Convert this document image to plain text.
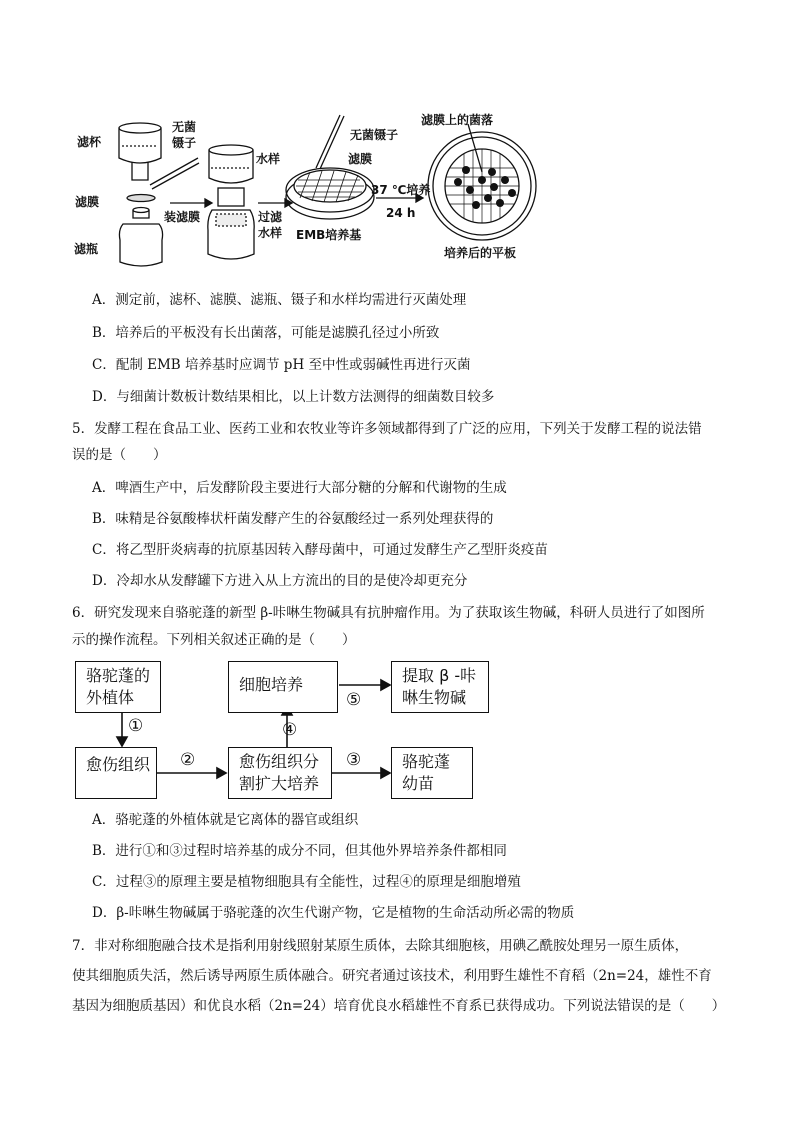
滤杯
无菌
镊子
滤膜
滤瓶
装滤膜
水样
过滤
水样
无菌镊子
滤膜
EMB培养基
37 ℃培养
24 h
滤膜上的菌落
培养后的平板
A．测定前，滤杯、滤膜、滤瓶、镊子和水样均需进行灭菌处理
B．培养后的平板没有长出菌落，可能是滤膜孔径过小所致
C．配制 EMB 培养基时应调节 pH 至中性或弱碱性再进行灭菌
D．与细菌计数板计数结果相比，以上计数方法测得的细菌数目较多
5．发酵工程在食品工业、医药工业和农牧业等许多领域都得到了广泛的应用，下列关于发酵工程的说法错
误的是（　　）
A．啤酒生产中，后发酵阶段主要进行大部分糖的分解和代谢物的生成
B．味精是谷氨酸棒状杆菌发酵产生的谷氨酸经过一系列处理获得的
C．将乙型肝炎病毒的抗原基因转入酵母菌中，可通过发酵生产乙型肝炎疫苗
D．冷却水从发酵罐下方进入从上方流出的目的是使冷却更充分
6．研究发现来自骆驼蓬的新型 β-咔啉生物碱具有抗肿瘤作用。为了获取该生物碱，科研人员进行了如图所
示的操作流程。下列相关叙述正确的是（　　）
骆驼蓬的
外植体
愈伤组织	愈伤组织分
割扩大培养
细胞培养	提取 β -咔
啉生物碱
骆驼蓬
幼苗
①
②	③
④
⑤
A．骆驼蓬的外植体就是它离体的器官或组织
B．进行①和③过程时培养基的成分不同，但其他外界培养条件都相同
C．过程③的原理主要是植物细胞具有全能性，过程④的原理是细胞增殖
D．β-咔啉生物碱属于骆驼蓬的次生代谢产物，它是植物的生命活动所必需的物质
7．非对称细胞融合技术是指利用射线照射某原生质体，去除其细胞核，用碘乙酰胺处理另一原生质体，
使其细胞质失活，然后诱导两原生质体融合。研究者通过该技术，利用野生雄性不育稻（2n=24，雄性不育
基因为细胞质基因）和优良水稻（2n=24）培育优良水稻雄性不育系已获得成功。下列说法错误的是（　　）
